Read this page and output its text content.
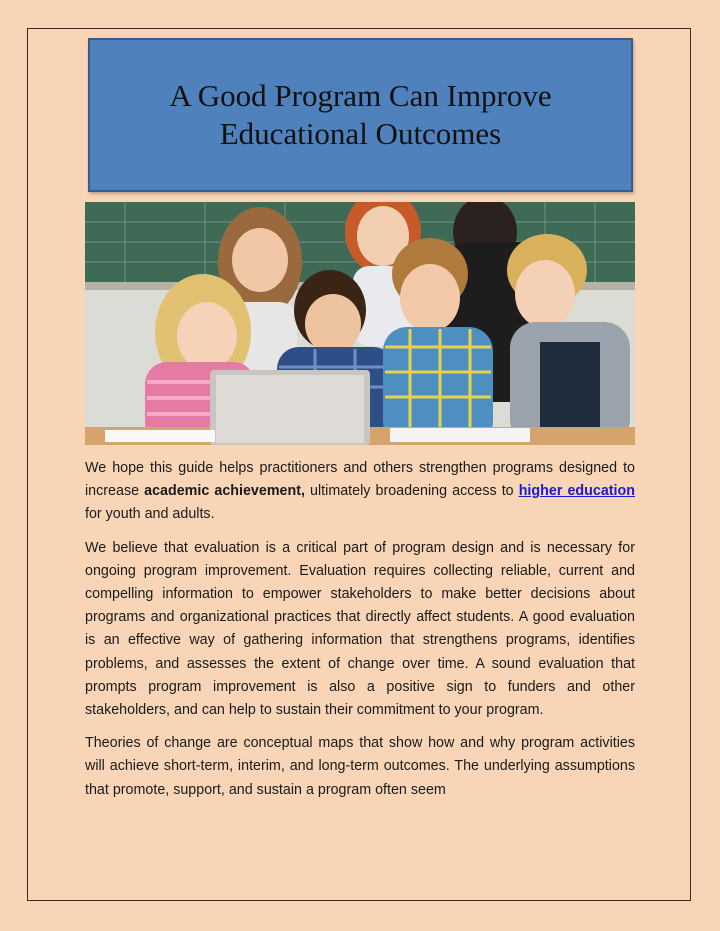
A Good Program Can Improve Educational Outcomes

We hope this guide helps practitioners and others strengthen programs designed to increase academic achievement, ultimately broadening access to higher education for youth and adults.

We believe that evaluation is a critical part of program design and is necessary for ongoing program improvement. Evaluation requires collecting reliable, current and compelling information to empower stakeholders to make better decisions about programs and organizational practices that directly affect students. A good evaluation is an effective way of gathering information that strengthens programs, identifies problems, and assesses the extent of change over time. A sound evaluation that prompts program improvement is also a positive sign to funders and other stakeholders, and can help to sustain their commitment to your program.

Theories of change are conceptual maps that show how and why program activities will achieve short-term, interim, and long-term outcomes. The underlying assumptions that promote, support, and sustain a program often seem
